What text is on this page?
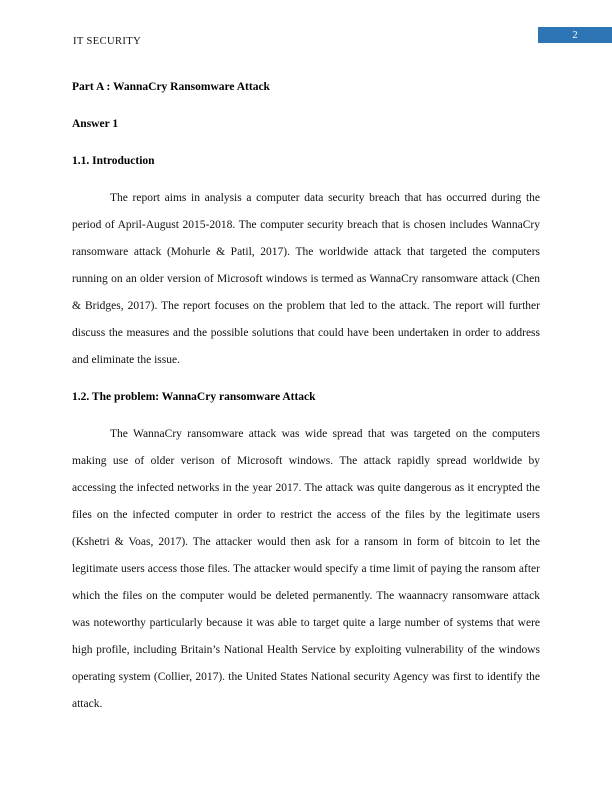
IT SECURITY
2
Part A : WannaCry Ransomware Attack
Answer 1
1.1. Introduction

The report aims in analysis a computer data security breach that has occurred during the period of April-August 2015-2018. The computer security breach that is chosen includes WannaCry ransomware attack (Mohurle & Patil, 2017). The worldwide attack that targeted the computers running on an older version of Microsoft windows is termed as WannaCry ransomware attack (Chen & Bridges, 2017). The report focuses on the problem that led to the attack. The report will further discuss the measures and the possible solutions that could have been undertaken in order to address and eliminate the issue.

1.2. The problem: WannaCry ransomware Attack

The WannaCry ransomware attack was wide spread that was targeted on the computers making use of older verison of Microsoft windows. The attack rapidly spread worldwide by accessing the infected networks in the year 2017. The attack was quite dangerous as it encrypted the files on the infected computer in order to restrict the access of the files by the legitimate users (Kshetri & Voas, 2017). The attacker would then ask for a ransom in form of bitcoin to let the legitimate users access those files. The attacker would specify a time limit of paying the ransom after which the files on the computer would be deleted permanently. The waannacry ransomware attack was noteworthy particularly because it was able to target quite a large number of systems that were high profile, including Britain’s National Health Service by exploiting vulnerability of the windows operating system (Collier, 2017). the United States National security Agency was first to identify the attack.
